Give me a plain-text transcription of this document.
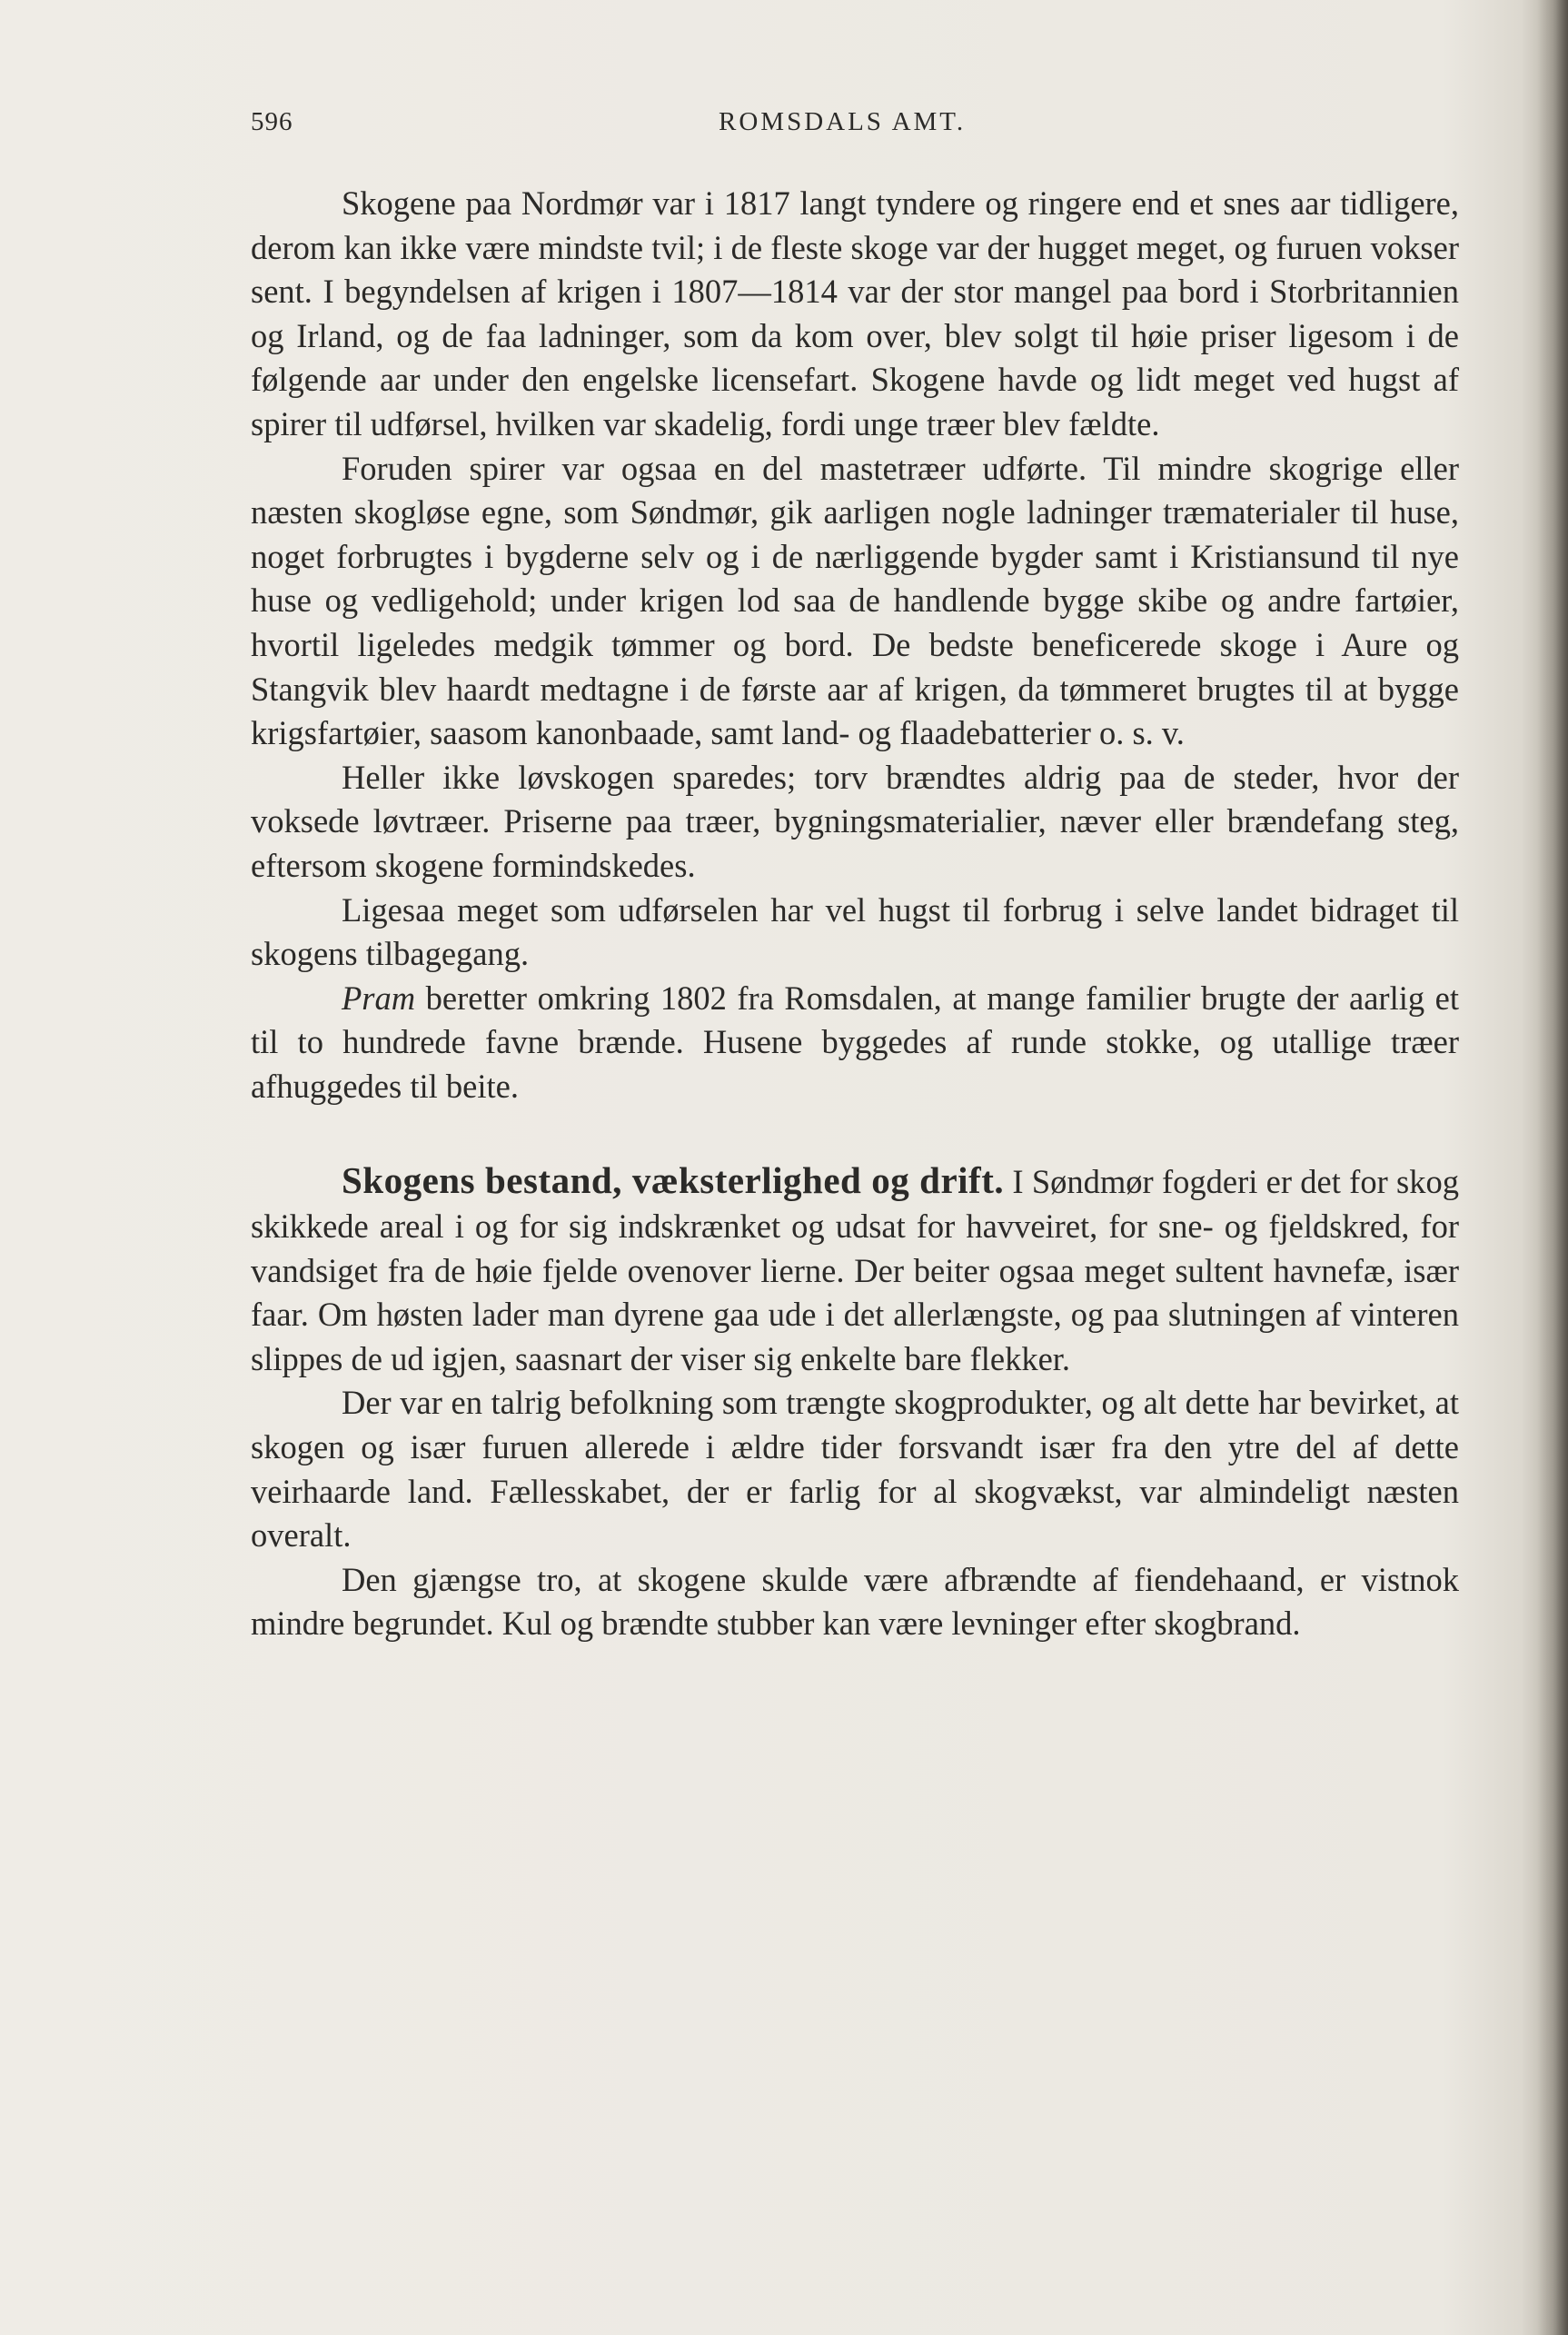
596	ROMSDALS AMT.

Skogene paa Nordmør var i 1817 langt tyndere og ringere end et snes aar tidligere, derom kan ikke være mindste tvil; i de fleste skoge var der hugget meget, og furuen vokser sent. I begyndelsen af krigen i 1807—1814 var der stor mangel paa bord i Storbritannien og Irland, og de faa ladninger, som da kom over, blev solgt til høie priser ligesom i de følgende aar under den engelske licensefart. Skogene havde og lidt meget ved hugst af spirer til udførsel, hvilken var skadelig, fordi unge træer blev fældte.

Foruden spirer var ogsaa en del mastetræer udførte. Til mindre skogrige eller næsten skogløse egne, som Søndmør, gik aarligen nogle ladninger træmaterialer til huse, noget forbrugtes i bygderne selv og i de nærliggende bygder samt i Kristiansund til nye huse og vedligehold; under krigen lod saa de handlende bygge skibe og andre fartøier, hvortil ligeledes medgik tømmer og bord. De bedste beneficerede skoge i Aure og Stangvik blev haardt medtagne i de første aar af krigen, da tømmeret brugtes til at bygge krigsfartøier, saasom kanonbaade, samt land- og flaadebatterier o. s. v.

Heller ikke løvskogen sparedes; torv brændtes aldrig paa de steder, hvor der voksede løvtræer. Priserne paa træer, bygningsmaterialier, næver eller brændefang steg, eftersom skogene formindskedes.

Ligesaa meget som udførselen har vel hugst til forbrug i selve landet bidraget til skogens tilbagegang.

Pram beretter omkring 1802 fra Romsdalen, at mange familier brugte der aarlig et til to hundrede favne brænde. Husene byggedes af runde stokke, og utallige træer afhuggedes til beite.

Skogens bestand, væksterlighed og drift. I Søndmør fogderi er det for skog skikkede areal i og for sig indskrænket og udsat for havveiret, for sne- og fjeldskred, for vandsiget fra de høie fjelde ovenover lierne. Der beiter ogsaa meget sultent havnefæ, især faar. Om høsten lader man dyrene gaa ude i det allerlængste, og paa slutningen af vinteren slippes de ud igjen, saasnart der viser sig enkelte bare flekker.

Der var en talrig befolkning som trængte skogprodukter, og alt dette har bevirket, at skogen og især furuen allerede i ældre tider forsvandt især fra den ytre del af dette veirhaarde land. Fællesskabet, der er farlig for al skogvækst, var almindeligt næsten overalt.

Den gjængse tro, at skogene skulde være afbrændte af fiendehaand, er vistnok mindre begrundet. Kul og brændte stubber kan være levninger efter skogbrand.
